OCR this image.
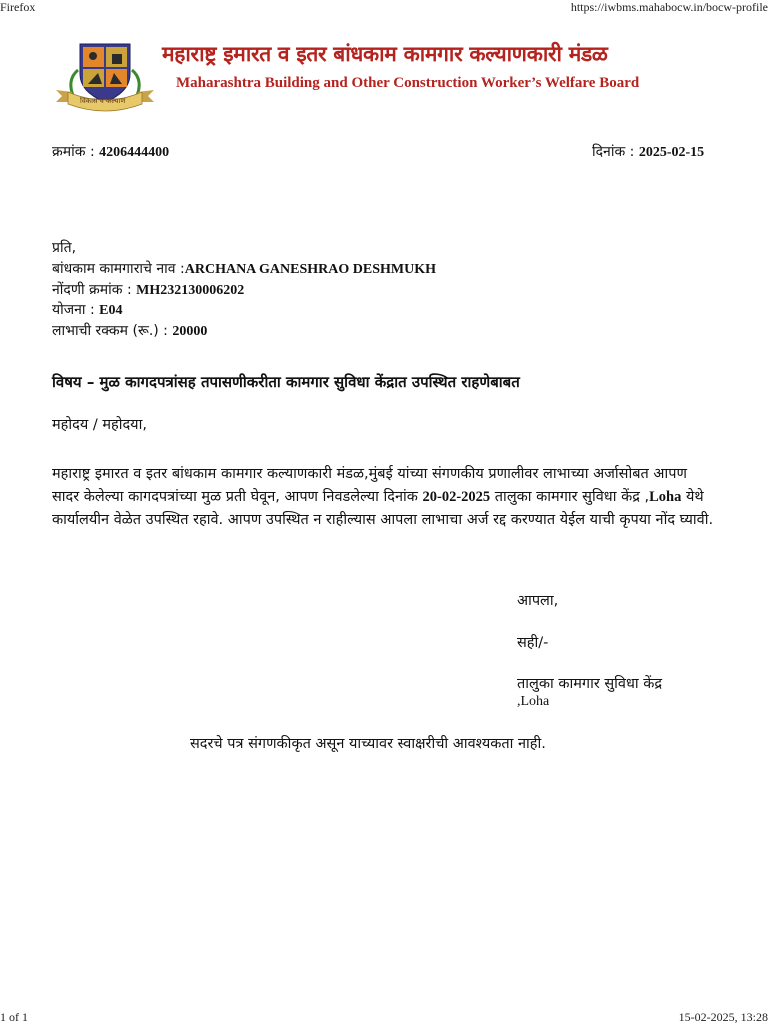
Firefox	https://iwbms.mahabocw.in/bocw-profile
1 of 1	15-02-2025, 13:28
विकास व कल्याण
महाराष्ट्र इमारत व इतर बांधकाम कामगार कल्याणकारी मंडळ
Maharashtra Building and Other Construction Worker’s Welfare Board
क्रमांक : 4206444400	दिनांक : 2025-02-15
प्रति,
बांधकाम कामगाराचे नाव :ARCHANA GANESHRAO DESHMUKH
नोंदणी क्रमांक : MH232130006202
योजना : E04
लाभाची रक्कम (रू.) : 20000
विषय – मुळ कागदपत्रांसह तपासणीकरीता कामगार सुविधा केंद्रात उपस्थित राहणेबाबत
महोदय / महोदया,
महाराष्ट्र इमारत व इतर बांधकाम कामगार कल्याणकारी मंडळ,मुंबई यांच्या संगणकीय प्रणालीवर लाभाच्या अर्जासोबत आपण सादर केलेल्या कागदपत्रांच्या मुळ प्रती घेवून, आपण निवडलेल्या दिनांक 20-02-2025 तालुका कामगार सुविधा केंद्र ,Loha येथे कार्यालयीन वेळेत उपस्थित रहावे. आपण उपस्थित न राहील्यास आपला लाभाचा अर्ज रद्द करण्यात येईल याची कृपया नोंद घ्यावी.
आपला,
सही/-
तालुका कामगार सुविधा केंद्र
,Loha
सदरचे पत्र संगणकीकृत असून याच्यावर स्वाक्षरीची आवश्यकता नाही.
